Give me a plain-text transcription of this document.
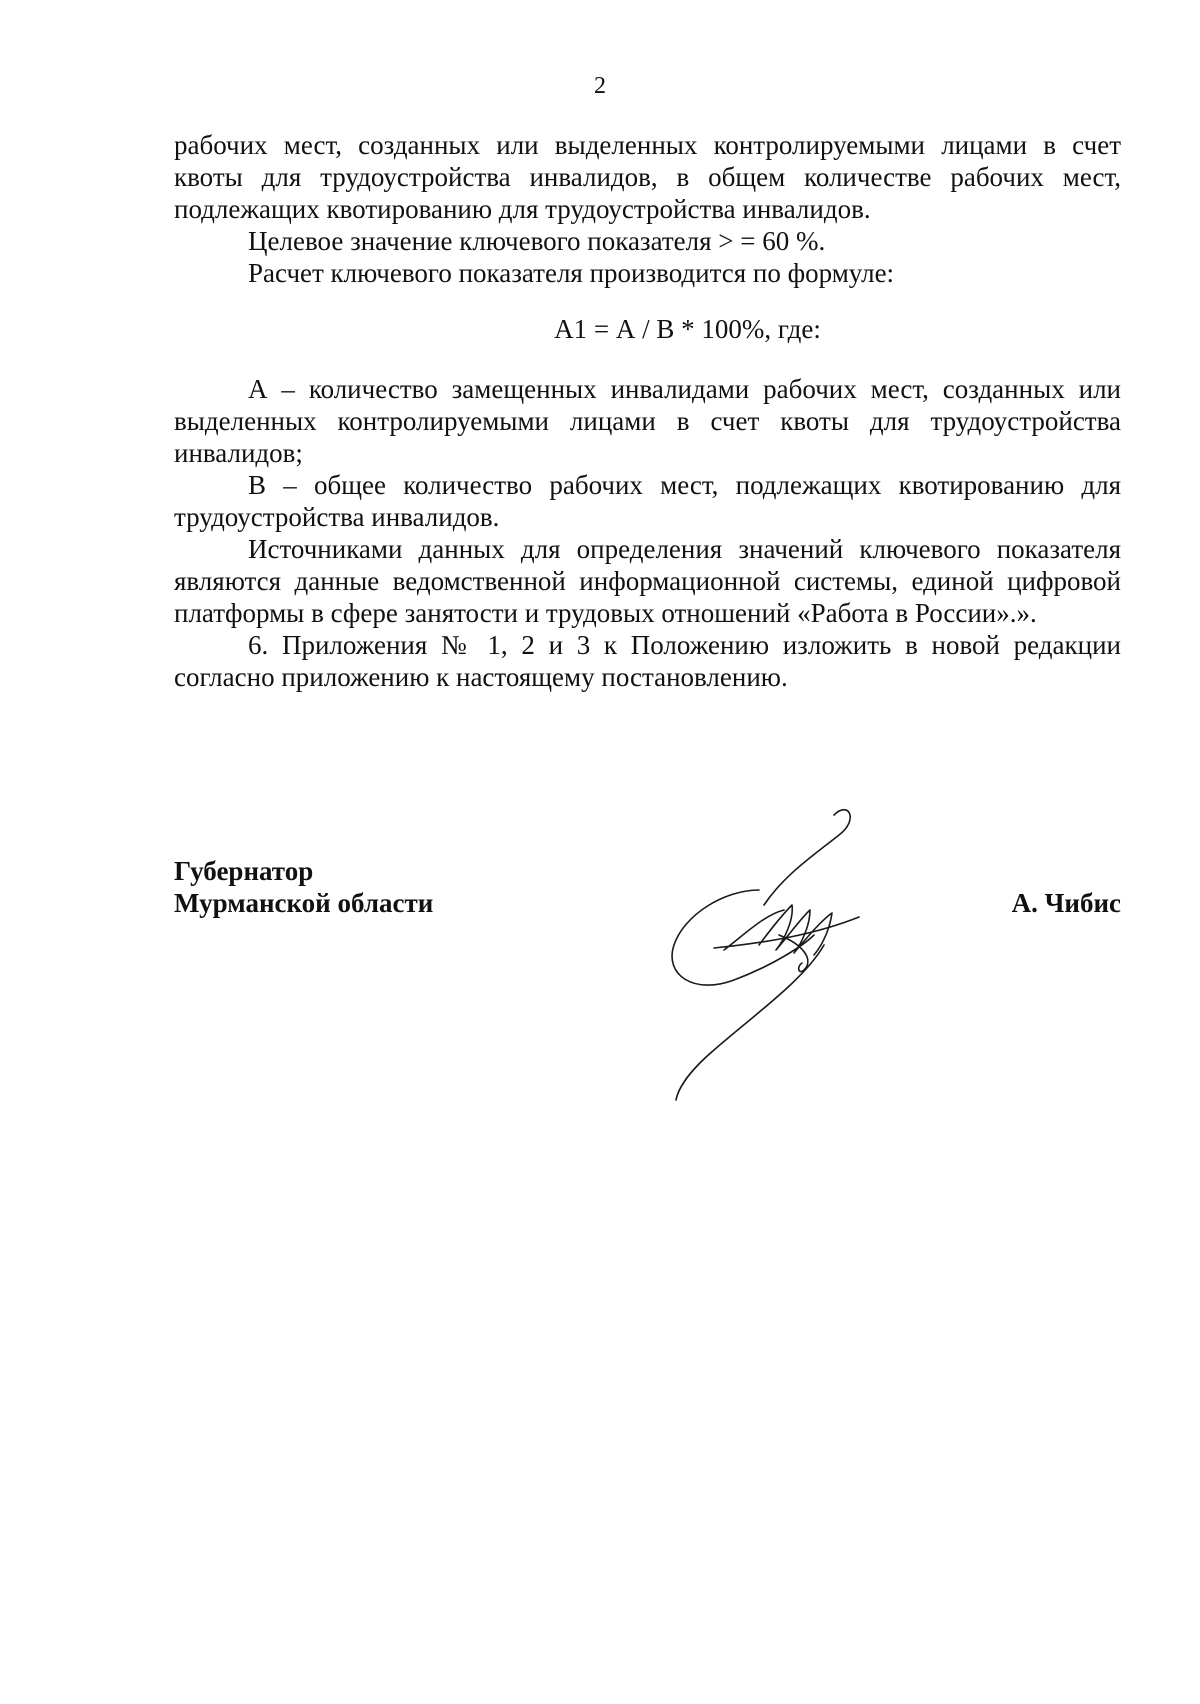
2

рабочих мест, созданных или выделенных контролируемыми лицами в счет квоты для трудоустройства инвалидов, в общем количестве рабочих мест, подлежащих квотированию для трудоустройства инвалидов.

Целевое значение ключевого показателя > = 60 %.

Расчет ключевого показателя производится по формуле:

А1 = А / В * 100%, где:

А – количество замещенных инвалидами рабочих мест, созданных или выделенных контролируемыми лицами в счет квоты для трудоустройства инвалидов;

В – общее количество рабочих мест, подлежащих квотированию для трудоустройства инвалидов.

Источниками данных для определения значений ключевого показателя являются данные ведомственной информационной системы, единой цифровой платформы в сфере занятости и трудовых отношений «Работа в России».».

6. Приложения № 1, 2 и 3 к Положению изложить в новой редакции согласно приложению к настоящему постановлению.

Губернатор
Мурманской области	А. Чибис
